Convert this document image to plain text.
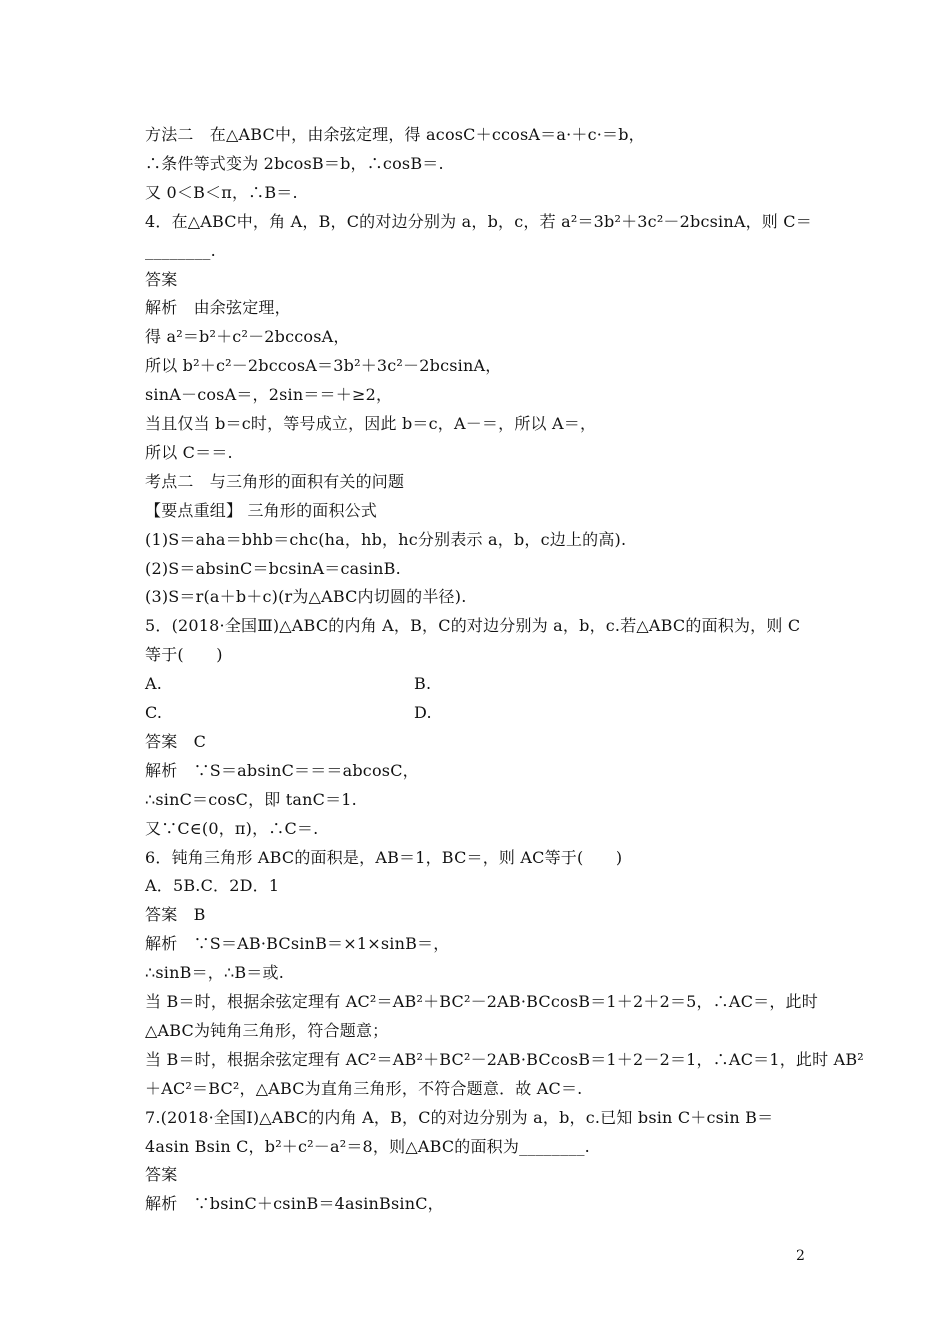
方法二　在△ABC中，由余弦定理，得 acosC＋ccosA＝a·＋c·＝b，
∴条件等式变为 2bcosB＝b，∴cosB＝.
又 0＜B＜π，∴B＝.
4．在△ABC中，角 A，B，C的对边分别为 a，b，c，若 a²＝3b²＋3c²－2bcsinA，则 C＝
________.
答案
解析　由余弦定理，
得 a²＝b²＋c²－2bccosA，
所以 b²＋c²－2bccosA＝3b²＋3c²－2bcsinA，
sinA－cosA＝，2sin＝＝＋≥2，
当且仅当 b＝c时，等号成立，因此 b＝c，A－＝，所以 A＝，
所以 C＝＝.
考点二　与三角形的面积有关的问题
【要点重组】 三角形的面积公式
(1)S＝aha＝bhb＝chc(ha，hb，hc分别表示 a，b，c边上的高).
(2)S＝absinC＝bcsinA＝casinB.
(3)S＝r(a＋b＋c)(r为△ABC内切圆的半径).
5．(2018·全国Ⅲ)△ABC的内角 A，B，C的对边分别为 a，b，c.若△ABC的面积为，则 C
等于(　　)
A.	B.
C.	D.
答案　C
解析　∵S＝absinC＝＝＝abcosC，
∴sinC＝cosC，即 tanC＝1.
又∵C∈(0，π)，∴C＝.
6．钝角三角形 ABC的面积是，AB＝1，BC＝，则 AC等于(　　)
A．5B.C．2D．1
答案　B
解析　∵S＝AB·BCsinB＝×1×sinB＝，
∴sinB＝，∴B＝或.
当 B＝时，根据余弦定理有 AC²＝AB²＋BC²－2AB·BCcosB＝1＋2＋2＝5，∴AC＝，此时
△ABC为钝角三角形，符合题意；
当 B＝时，根据余弦定理有 AC²＝AB²＋BC²－2AB·BCcosB＝1＋2－2＝1，∴AC＝1，此时 AB²
＋AC²＝BC²，△ABC为直角三角形，不符合题意．故 AC＝.
7.(2018·全国Ⅰ)△ABC的内角 A，B，C的对边分别为 a，b，c.已知 bsin C＋csin B＝
4asin Bsin C，b²＋c²－a²＝8，则△ABC的面积为________.
答案
解析　∵bsinC＋csinB＝4asinBsinC，
2
